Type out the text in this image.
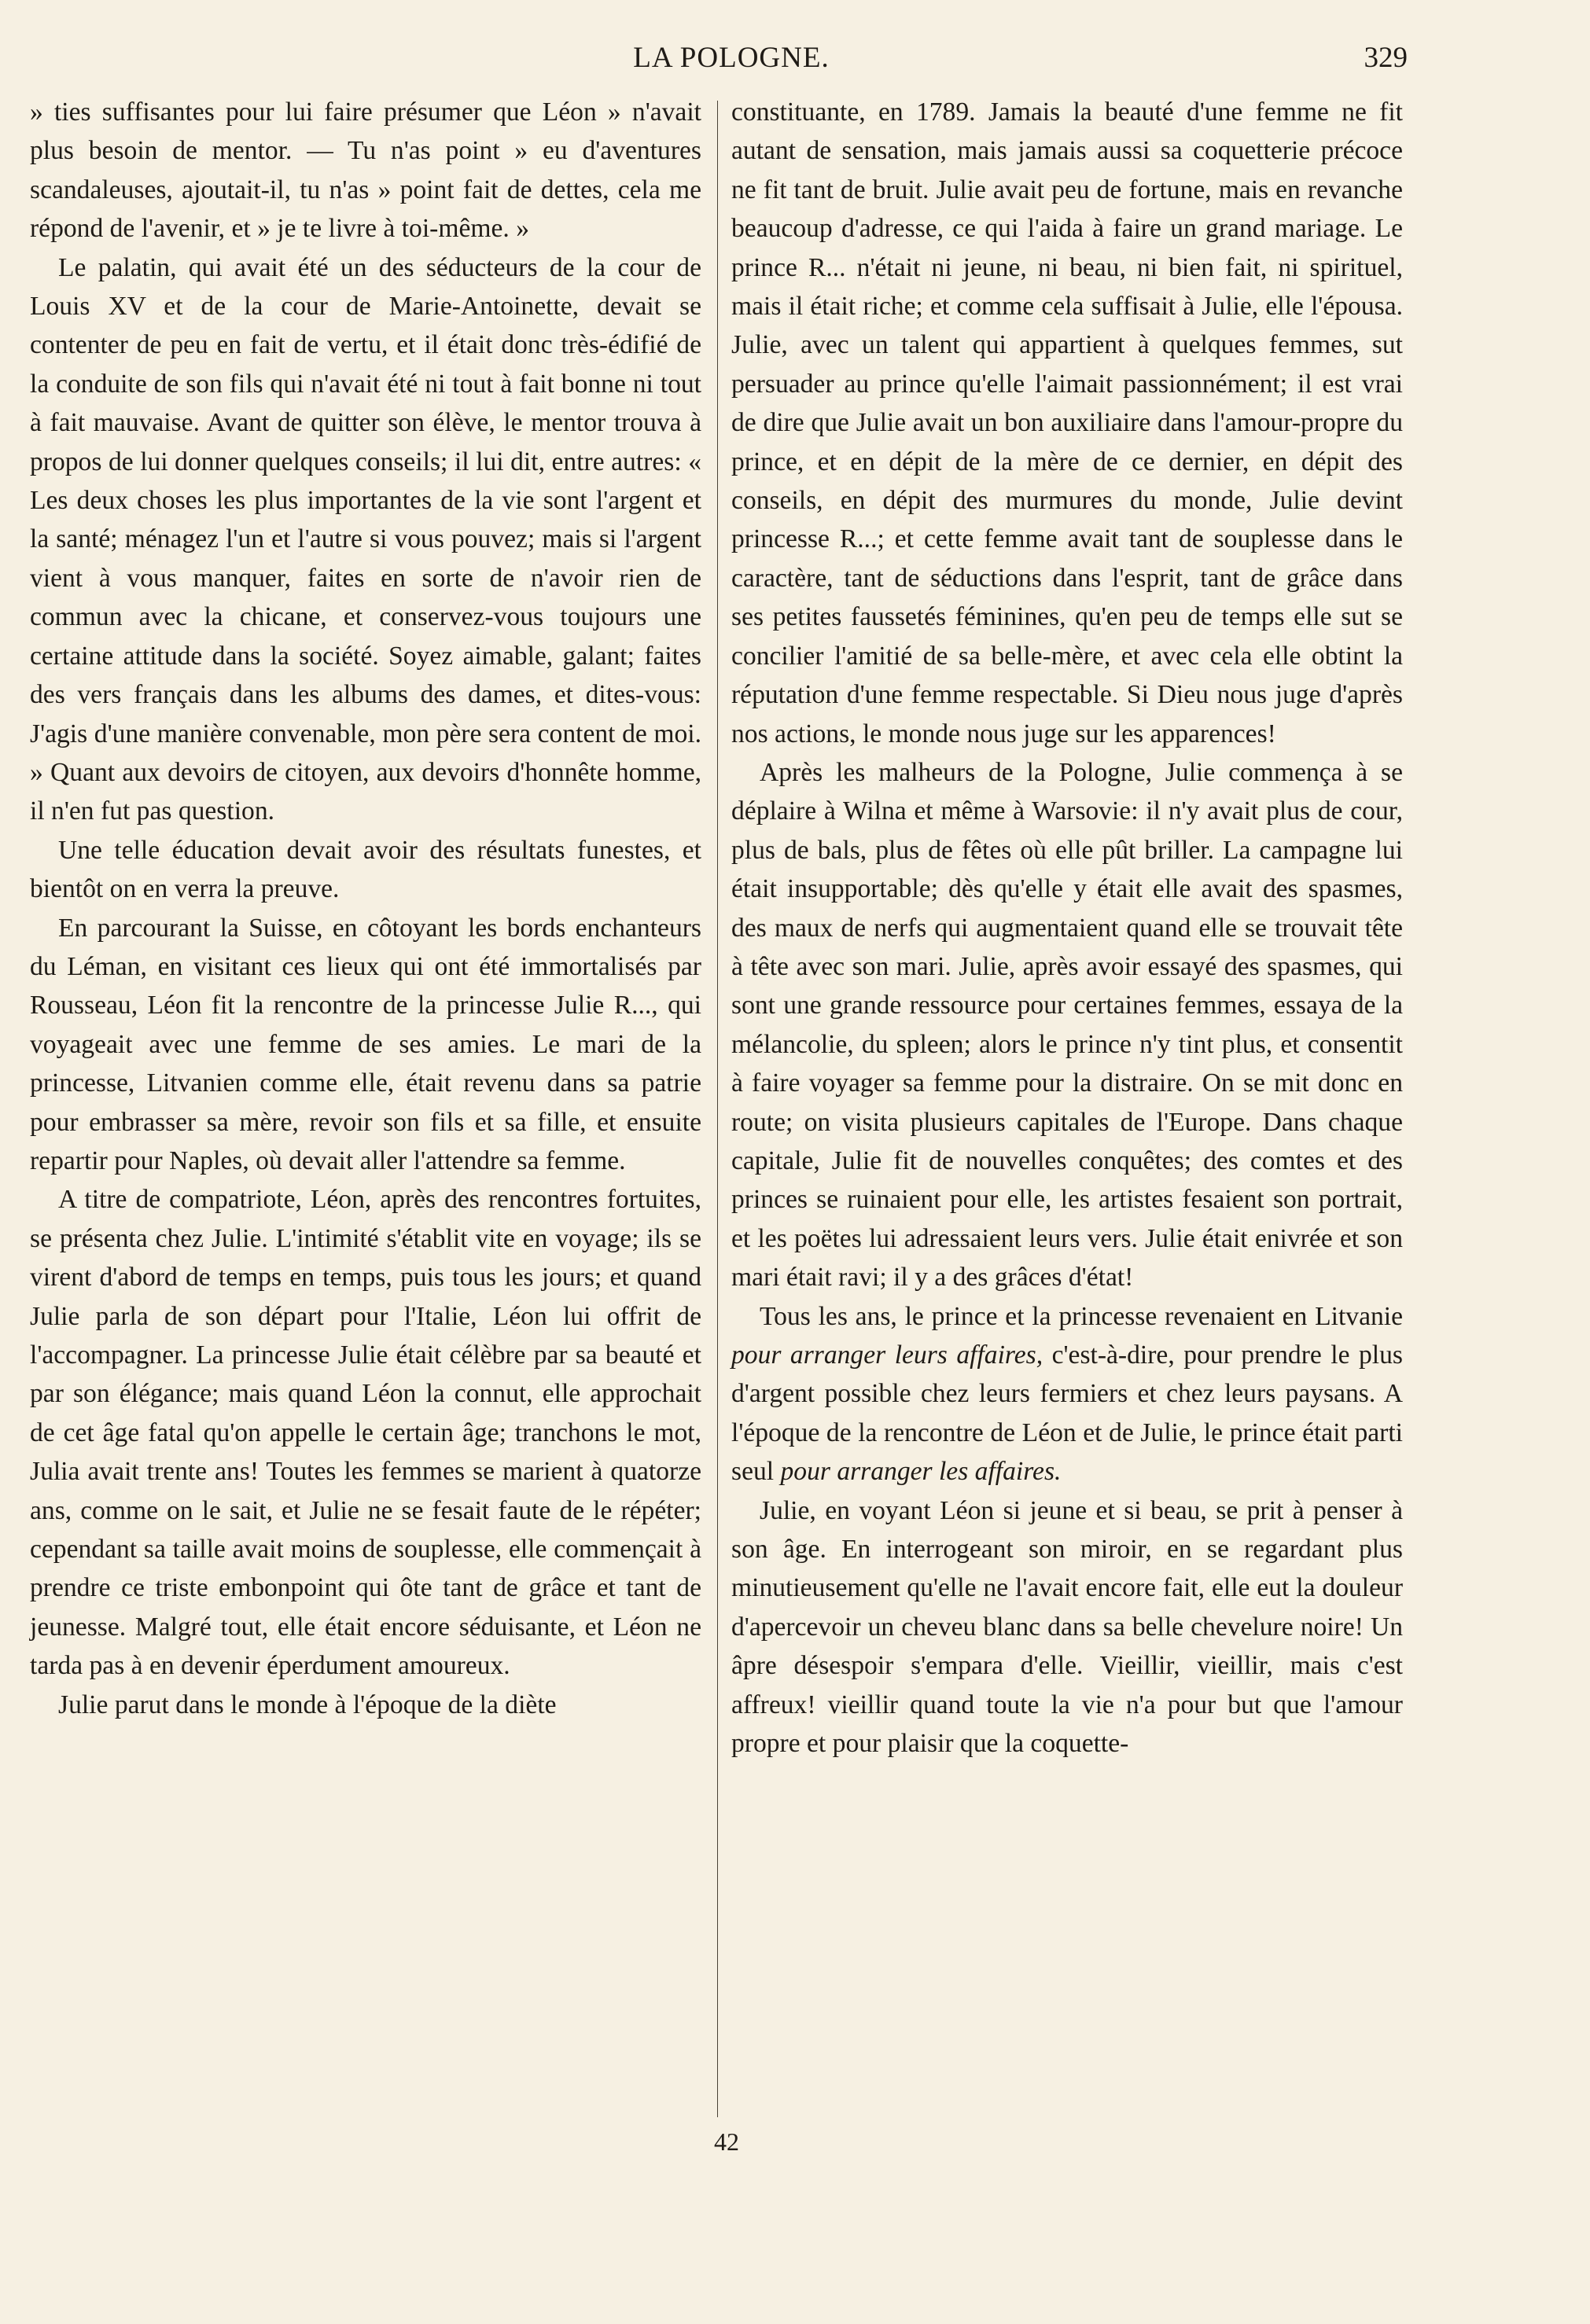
LA POLOGNE.	329

» ties suffisantes pour lui faire présumer que Léon » n'avait plus besoin de mentor. — Tu n'as point » eu d'aventures scandaleuses, ajoutait-il, tu n'as » point fait de dettes, cela me répond de l'avenir, et » je te livre à toi-même. »

Le palatin, qui avait été un des séducteurs de la cour de Louis XV et de la cour de Marie-Antoinette, devait se contenter de peu en fait de vertu, et il était donc très-édifié de la conduite de son fils qui n'avait été ni tout à fait bonne ni tout à fait mauvaise. Avant de quitter son élève, le mentor trouva à propos de lui donner quelques conseils; il lui dit, entre autres: « Les deux choses les plus importantes de la vie sont l'argent et la santé; ménagez l'un et l'autre si vous pouvez; mais si l'argent vient à vous manquer, faites en sorte de n'avoir rien de commun avec la chicane, et conservez-vous toujours une certaine attitude dans la société. Soyez aimable, galant; faites des vers français dans les albums des dames, et dites-vous: J'agis d'une manière convenable, mon père sera content de moi. » Quant aux devoirs de citoyen, aux devoirs d'honnête homme, il n'en fut pas question.

Une telle éducation devait avoir des résultats funestes, et bientôt on en verra la preuve.

En parcourant la Suisse, en côtoyant les bords enchanteurs du Léman, en visitant ces lieux qui ont été immortalisés par Rousseau, Léon fit la rencontre de la princesse Julie R..., qui voyageait avec une femme de ses amies. Le mari de la princesse, Litvanien comme elle, était revenu dans sa patrie pour embrasser sa mère, revoir son fils et sa fille, et ensuite repartir pour Naples, où devait aller l'attendre sa femme.

A titre de compatriote, Léon, après des rencontres fortuites, se présenta chez Julie. L'intimité s'établit vite en voyage; ils se virent d'abord de temps en temps, puis tous les jours; et quand Julie parla de son départ pour l'Italie, Léon lui offrit de l'accompagner. La princesse Julie était célèbre par sa beauté et par son élégance; mais quand Léon la connut, elle approchait de cet âge fatal qu'on appelle le certain âge; tranchons le mot, Julia avait trente ans! Toutes les femmes se marient à quatorze ans, comme on le sait, et Julie ne se fesait faute de le répéter; cependant sa taille avait moins de souplesse, elle commençait à prendre ce triste embonpoint qui ôte tant de grâce et tant de jeunesse. Malgré tout, elle était encore séduisante, et Léon ne tarda pas à en devenir éperdument amoureux.

Julie parut dans le monde à l'époque de la diète

constituante, en 1789. Jamais la beauté d'une femme ne fit autant de sensation, mais jamais aussi sa coquetterie précoce ne fit tant de bruit. Julie avait peu de fortune, mais en revanche beaucoup d'adresse, ce qui l'aida à faire un grand mariage. Le prince R... n'était ni jeune, ni beau, ni bien fait, ni spirituel, mais il était riche; et comme cela suffisait à Julie, elle l'épousa. Julie, avec un talent qui appartient à quelques femmes, sut persuader au prince qu'elle l'aimait passionnément; il est vrai de dire que Julie avait un bon auxiliaire dans l'amour-propre du prince, et en dépit de la mère de ce dernier, en dépit des conseils, en dépit des murmures du monde, Julie devint princesse R...; et cette femme avait tant de souplesse dans le caractère, tant de séductions dans l'esprit, tant de grâce dans ses petites faussetés féminines, qu'en peu de temps elle sut se concilier l'amitié de sa belle-mère, et avec cela elle obtint la réputation d'une femme respectable. Si Dieu nous juge d'après nos actions, le monde nous juge sur les apparences!

Après les malheurs de la Pologne, Julie commença à se déplaire à Wilna et même à Warsovie: il n'y avait plus de cour, plus de bals, plus de fêtes où elle pût briller. La campagne lui était insupportable; dès qu'elle y était elle avait des spasmes, des maux de nerfs qui augmentaient quand elle se trouvait tête à tête avec son mari. Julie, après avoir essayé des spasmes, qui sont une grande ressource pour certaines femmes, essaya de la mélancolie, du spleen; alors le prince n'y tint plus, et consentit à faire voyager sa femme pour la distraire. On se mit donc en route; on visita plusieurs capitales de l'Europe. Dans chaque capitale, Julie fit de nouvelles conquêtes; des comtes et des princes se ruinaient pour elle, les artistes fesaient son portrait, et les poëtes lui adressaient leurs vers. Julie était enivrée et son mari était ravi; il y a des grâces d'état!

Tous les ans, le prince et la princesse revenaient en Litvanie pour arranger leurs affaires, c'est-à-dire, pour prendre le plus d'argent possible chez leurs fermiers et chez leurs paysans. A l'époque de la rencontre de Léon et de Julie, le prince était parti seul pour arranger les affaires.

Julie, en voyant Léon si jeune et si beau, se prit à penser à son âge. En interrogeant son miroir, en se regardant plus minutieusement qu'elle ne l'avait encore fait, elle eut la douleur d'apercevoir un cheveu blanc dans sa belle chevelure noire! Un âpre désespoir s'empara d'elle. Vieillir, vieillir, mais c'est affreux! vieillir quand toute la vie n'a pour but que l'amour propre et pour plaisir que la coquette-

42
